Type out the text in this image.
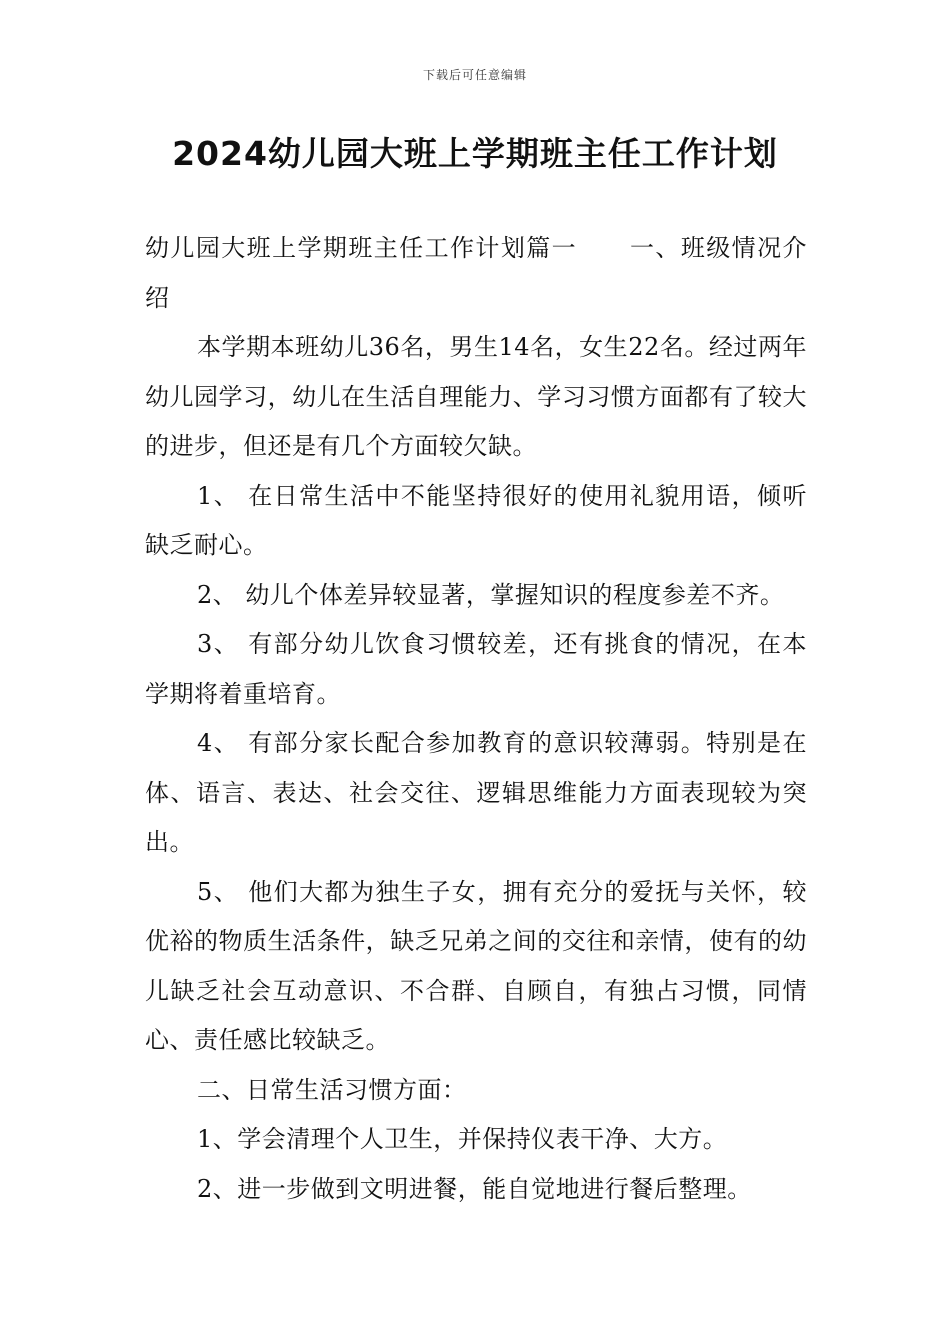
下载后可任意编辑
2024幼儿园大班上学期班主任工作计划

幼儿园大班上学期班主任工作计划篇一 一、班级情况介绍

本学期本班幼儿36名，男生14名，女生22名。经过两年幼儿园学习，幼儿在生活自理能力、学习习惯方面都有了较大的进步，但还是有几个方面较欠缺。

1、 在日常生活中不能坚持很好的使用礼貌用语，倾听缺乏耐心。

2、 幼儿个体差异较显著，掌握知识的程度参差不齐。

3、 有部分幼儿饮食习惯较差，还有挑食的情况，在本学期将着重培育。

4、 有部分家长配合参加教育的意识较薄弱。特别是在体、语言、表达、社会交往、逻辑思维能力方面表现较为突出。

5、 他们大都为独生子女，拥有充分的爱抚与关怀，较优裕的物质生活条件，缺乏兄弟之间的交往和亲情，使有的幼儿缺乏社会互动意识、不合群、自顾自，有独占习惯，同情心、责任感比较缺乏。

二、日常生活习惯方面：

1、学会清理个人卫生，并保持仪表干净、大方。

2、进一步做到文明进餐，能自觉地进行餐后整理。
